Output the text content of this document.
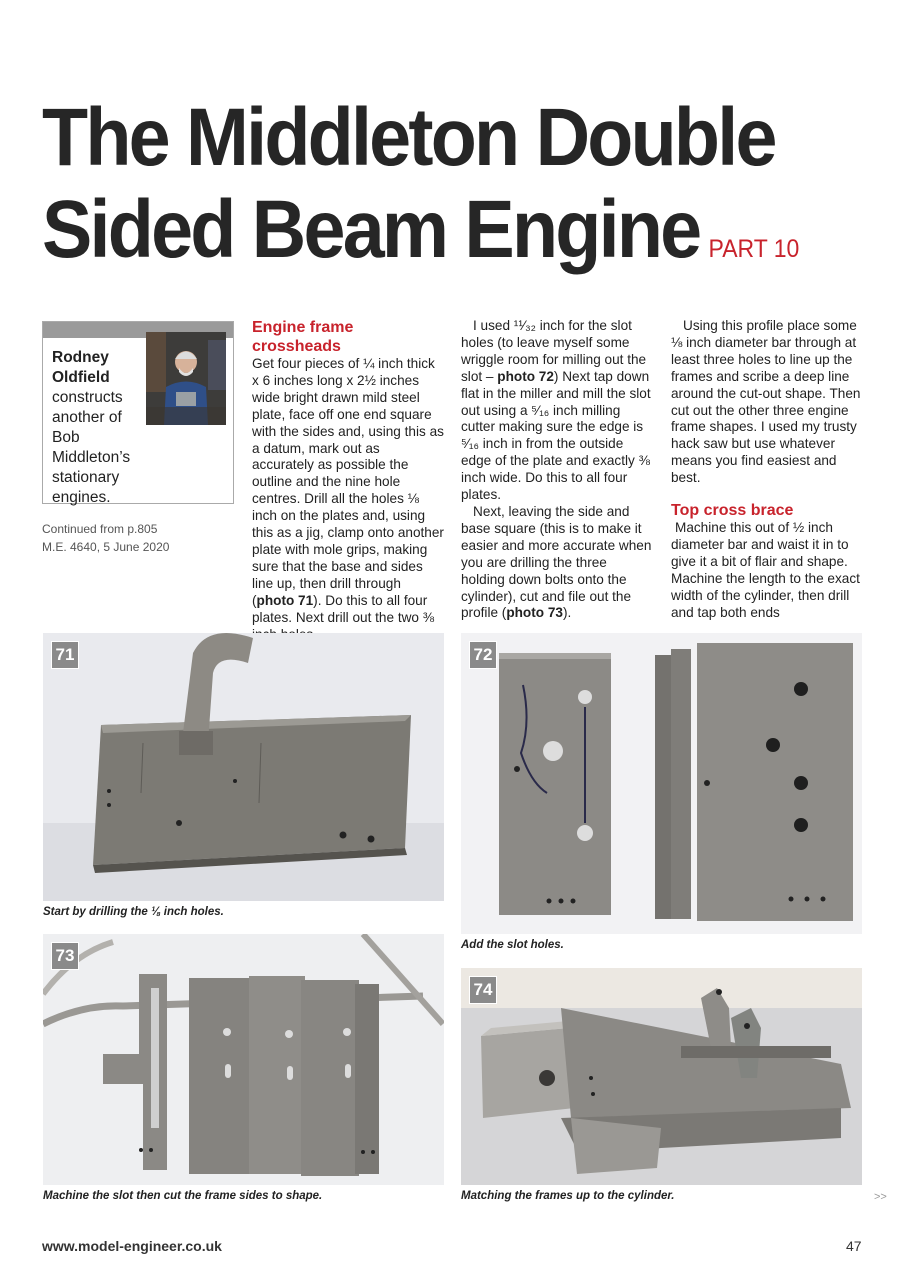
The Middleton Double
Sided Beam Engine PART 10
Rodney
Oldfield
constructs another of Bob Middleton’s stationary engines.
Continued from p.805
M.E. 4640, 5 June 2020
Engine frame crossheads

Get four pieces of ¼ inch thick x 6 inches long x 2½ inches wide bright drawn mild steel plate, face off one end square with the sides and, using this as a datum, mark out as accurately as possible the outline and the nine hole centres. Drill all the holes ⅛ inch on the plates and, using this as a jig, clamp onto another plate with mole grips, making sure that the base and sides line up, then drill through (photo 71). Do this to all four plates. Next drill out the two ⅜

I used ¹¹⁄₃₂ inch for the slot holes (to leave myself some wriggle room for milling out the slot – photo 72) Next tap down flat in the miller and mill the slot out using a ⁵⁄₁₆ inch milling cutter making sure the edge is ⁵⁄₁₆ inch in from the outside edge of the plate and exactly ⅜ inch wide. Do this to all four plates.

Next, leaving the side and base square (this is to make it easier and more accurate when you are drilling the three holding down bolts onto the cylinder), cut and file out the profile (photo 73).

Using this profile place some ⅛ inch diameter bar through at least three holes to line up the frames and scribe a deep line around the cut-out shape. Then cut out the other three engine frame shapes. I used my trusty hack saw but use whatever means you find easiest and best.

Top cross brace

Machine this out of ½ inch diameter bar and waist it in to give it a bit of flair and shape. Machine the length to the exact width of the cylinder, then drill and tap both ends

71
Start by drilling the ⅛ inch holes.
72
Add the slot holes.
73
Machine the slot then cut the frame sides to shape.
74
Matching the frames up to the cylinder.	>>
www.model-engineer.co.uk	47
